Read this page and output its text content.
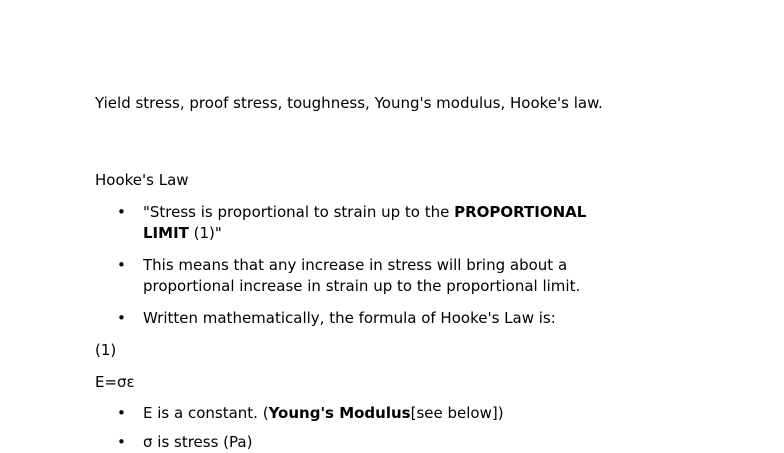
Yield stress, proof stress, toughness, Young's modulus, Hooke's law.
Hooke's Law
• "Stress is proportional to strain up to the PROPORTIONAL LIMIT (1)"
• This means that any increase in stress will bring about a proportional increase in strain up to the proportional limit.
• Written mathematically, the formula of Hooke's Law is:
(1)
E=σε
• E is a constant. (Young's Modulus[see below])
• σ is stress (Pa)
